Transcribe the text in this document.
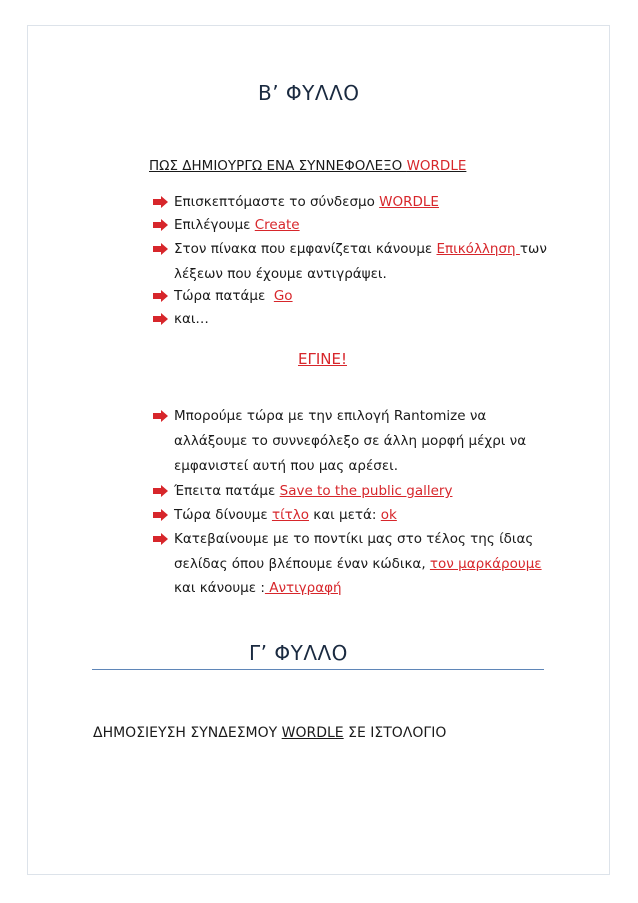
Β’ ΦΥΛΛΟ
ΠΩΣ ΔΗΜΙΟΥΡΓΩ ΕΝΑ ΣΥΝΝΕΦΟΛΕΞΟ WORDLE
Επισκεπτόμαστε το σύνδεσμο WORDLE
Επιλέγουμε Create
Στον πίνακα που εμφανίζεται κάνουμε Επικόλληση των
λέξεων που έχουμε αντιγράψει.
Τώρα πατάμε  Go
και…
ΕΓΙΝΕ!
Μπορούμε τώρα με την επιλογή Rantomize να
αλλάξουμε το συννεφόλεξο σε άλλη μορφή μέχρι να
εμφανιστεί αυτή που μας αρέσει.
Έπειτα πατάμε Save to the public gallery
Τώρα δίνουμε τίτλο και μετά: ok
Κατεβαίνουμε με το ποντίκι μας στο τέλος της ίδιας
σελίδας όπου βλέπουμε έναν κώδικα, τον μαρκάρουμε
και κάνουμε : Αντιγραφή
Γ’ ΦΥΛΛΟ
ΔΗΜΟΣΙΕΥΣΗ ΣΥΝΔΕΣΜΟΥ WORDLE ΣΕ ΙΣΤΟΛΟΓΙΟ
